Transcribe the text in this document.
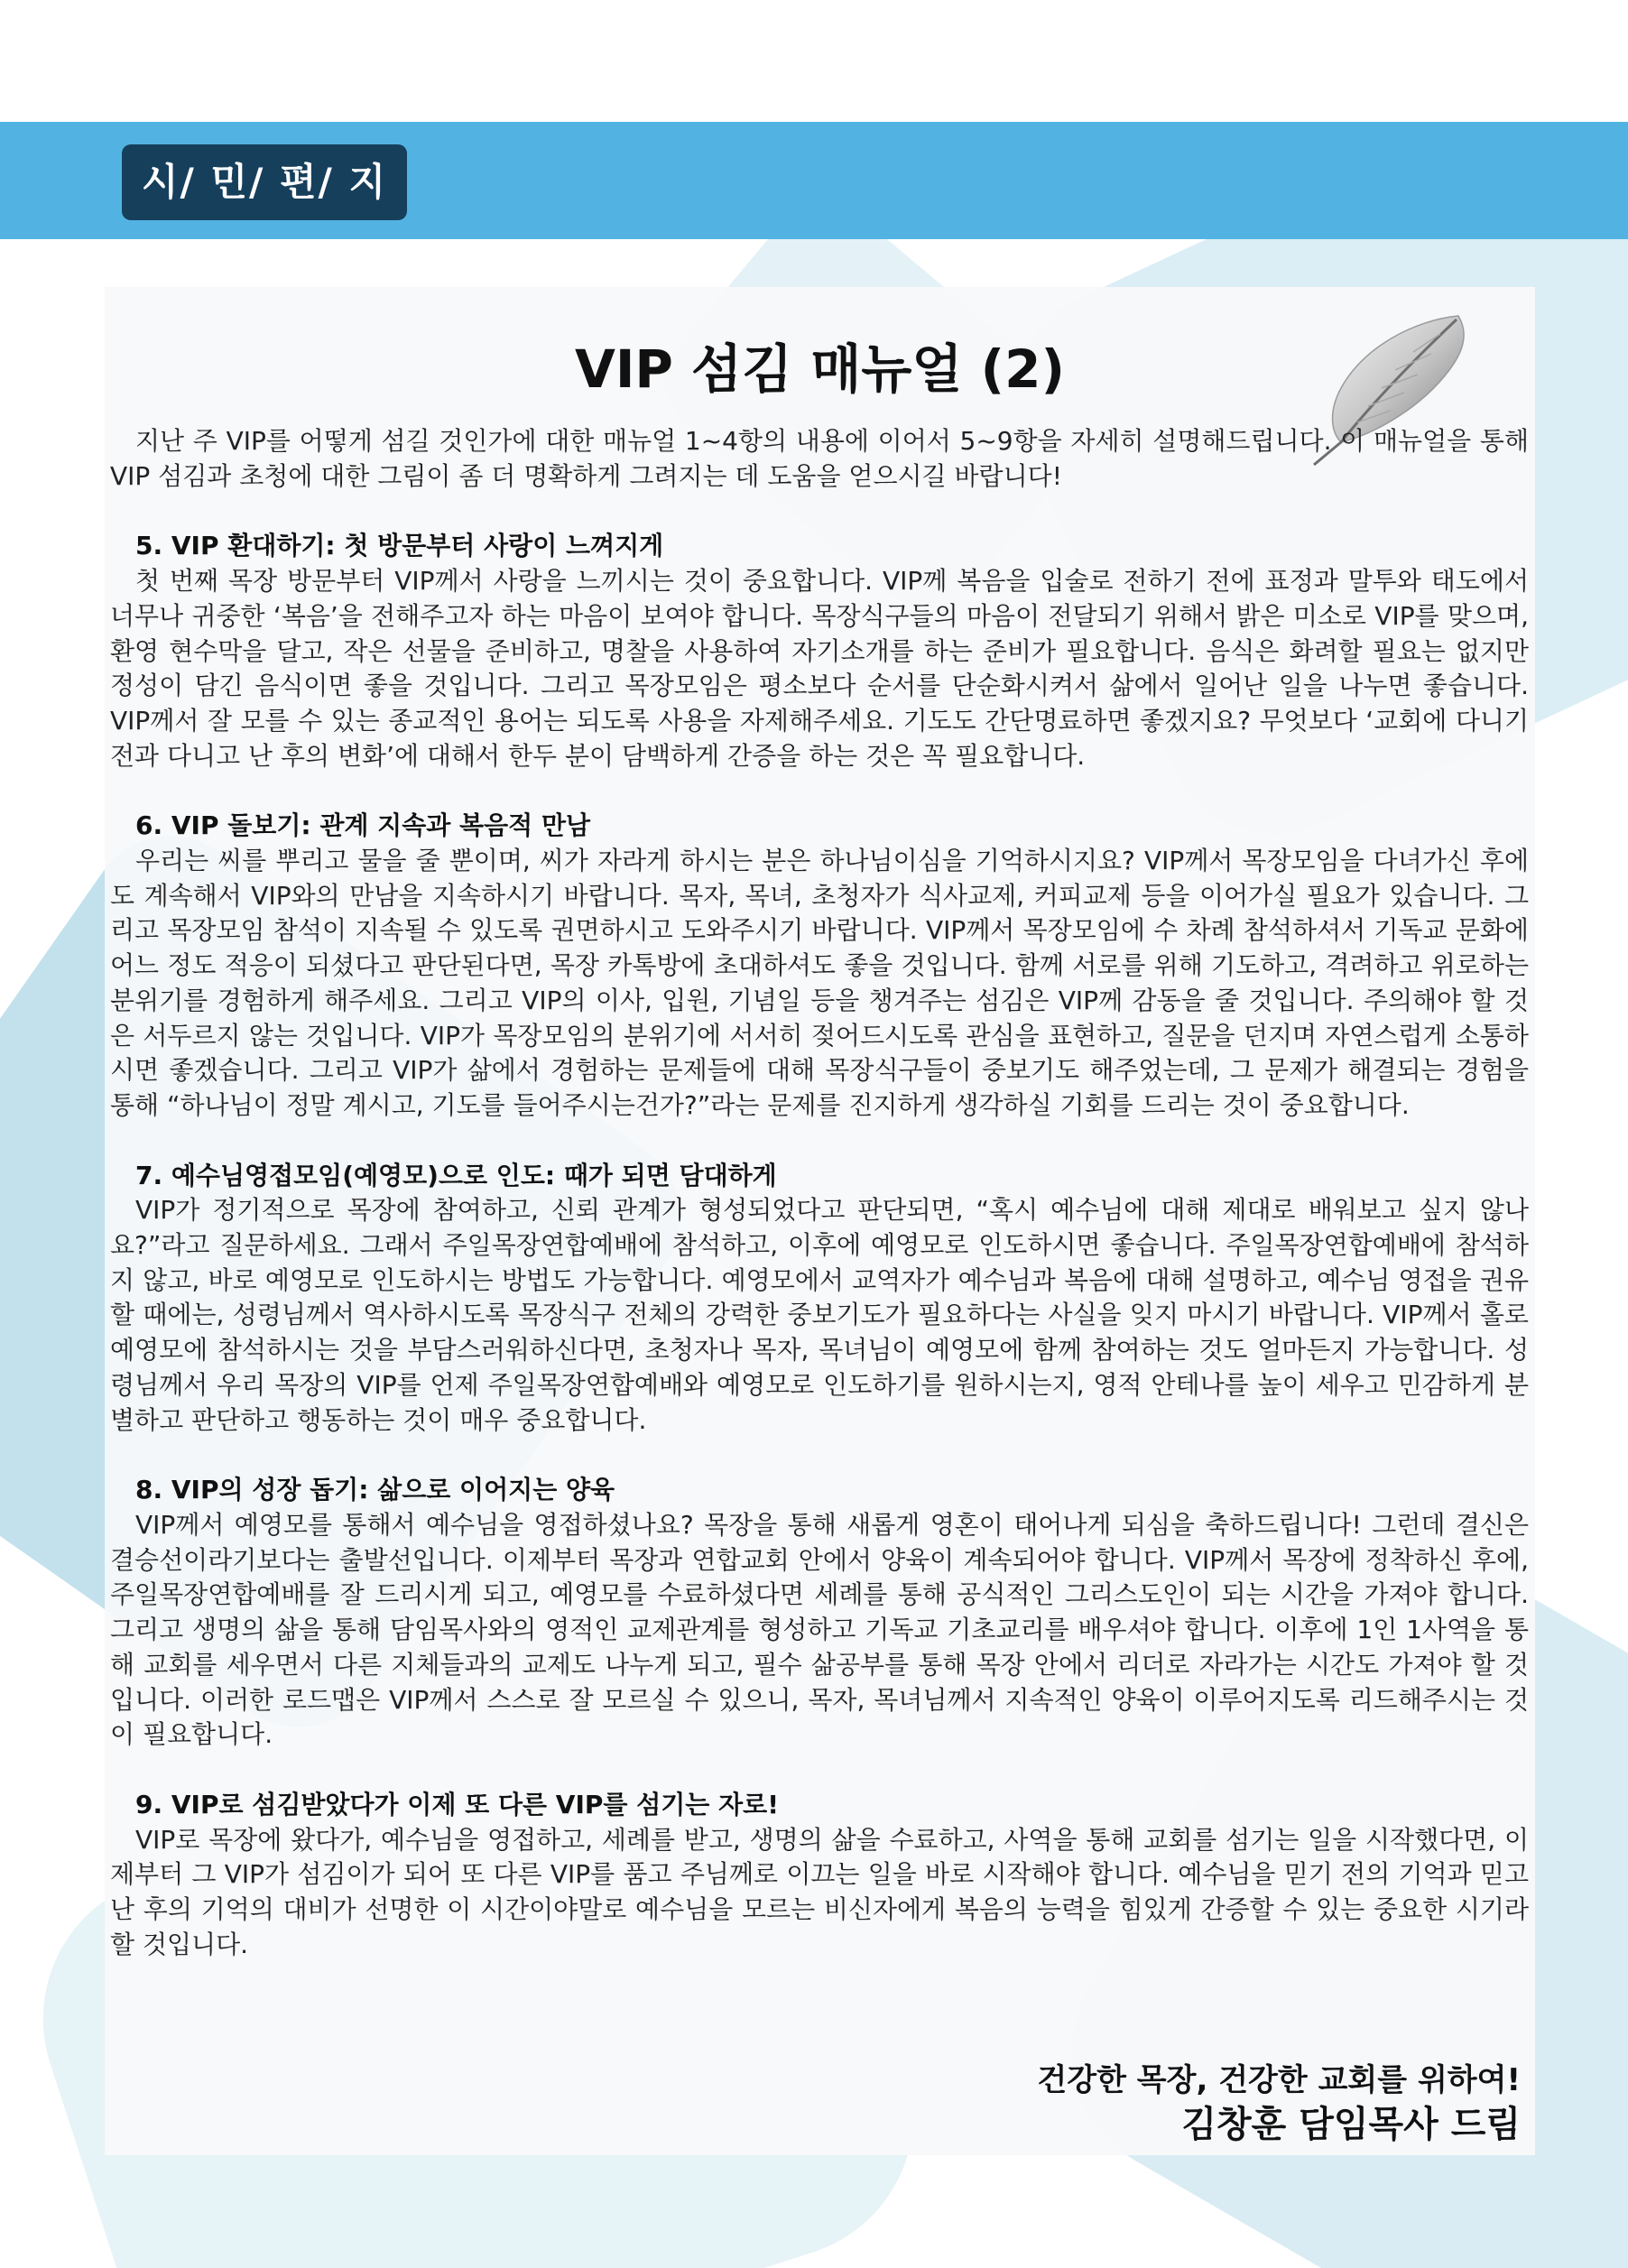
시/ 민/ 편/ 지
VIP 섬김 매뉴얼 (2)

지난 주 VIP를 어떻게 섬길 것인가에 대한 매뉴얼 1~4항의 내용에 이어서 5~9항을 자세히 설명해드립니다. 이 매뉴얼을 통해 VIP 섬김과 초청에 대한 그림이 좀 더 명확하게 그려지는 데 도움을 얻으시길 바랍니다!

5. VIP 환대하기: 첫 방문부터 사랑이 느껴지게

첫 번째 목장 방문부터 VIP께서 사랑을 느끼시는 것이 중요합니다. VIP께 복음을 입술로 전하기 전에 표정과 말투와 태도에서 너무나 귀중한 ‘복음’을 전해주고자 하는 마음이 보여야 합니다. 목장식구들의 마음이 전달되기 위해서 밝은 미소로 VIP를 맞으며, 환영 현수막을 달고, 작은 선물을 준비하고, 명찰을 사용하여 자기소개를 하는 준비가 필요합니다. 음식은 화려할 필요는 없지만 정성이 담긴 음식이면 좋을 것입니다. 그리고 목장모임은 평소보다 순서를 단순화시켜서 삶에서 일어난 일을 나누면 좋습니다. VIP께서 잘 모를 수 있는 종교적인 용어는 되도록 사용을 자제해주세요. 기도도 간단명료하면 좋겠지요? 무엇보다 ‘교회에 다니기 전과 다니고 난 후의 변화’에 대해서 한두 분이 담백하게 간증을 하는 것은 꼭 필요합니다.

6. VIP 돌보기: 관계 지속과 복음적 만남

우리는 씨를 뿌리고 물을 줄 뿐이며, 씨가 자라게 하시는 분은 하나님이심을 기억하시지요? VIP께서 목장모임을 다녀가신 후에도 계속해서 VIP와의 만남을 지속하시기 바랍니다. 목자, 목녀, 초청자가 식사교제, 커피교제 등을 이어가실 필요가 있습니다. 그리고 목장모임 참석이 지속될 수 있도록 권면하시고 도와주시기 바랍니다. VIP께서 목장모임에 수 차례 참석하셔서 기독교 문화에 어느 정도 적응이 되셨다고 판단된다면, 목장 카톡방에 초대하셔도 좋을 것입니다. 함께 서로를 위해 기도하고, 격려하고 위로하는 분위기를 경험하게 해주세요. 그리고 VIP의 이사, 입원, 기념일 등을 챙겨주는 섬김은 VIP께 감동을 줄 것입니다. 주의해야 할 것은 서두르지 않는 것입니다. VIP가 목장모임의 분위기에 서서히 젖어드시도록 관심을 표현하고, 질문을 던지며 자연스럽게 소통하시면 좋겠습니다. 그리고 VIP가 삶에서 경험하는 문제들에 대해 목장식구들이 중보기도 해주었는데, 그 문제가 해결되는 경험을 통해 “하나님이 정말 계시고, 기도를 들어주시는건가?”라는 문제를 진지하게 생각하실 기회를 드리는 것이 중요합니다.

7. 예수님영접모임(예영모)으로 인도: 때가 되면 담대하게

VIP가 정기적으로 목장에 참여하고, 신뢰 관계가 형성되었다고 판단되면, “혹시 예수님에 대해 제대로 배워보고 싶지 않나요?”라고 질문하세요. 그래서 주일목장연합예배에 참석하고, 이후에 예영모로 인도하시면 좋습니다. 주일목장연합예배에 참석하지 않고, 바로 예영모로 인도하시는 방법도 가능합니다. 예영모에서 교역자가 예수님과 복음에 대해 설명하고, 예수님 영접을 권유할 때에는, 성령님께서 역사하시도록 목장식구 전체의 강력한 중보기도가 필요하다는 사실을 잊지 마시기 바랍니다. VIP께서 홀로 예영모에 참석하시는 것을 부담스러워하신다면, 초청자나 목자, 목녀님이 예영모에 함께 참여하는 것도 얼마든지 가능합니다. 성령님께서 우리 목장의 VIP를 언제 주일목장연합예배와 예영모로 인도하기를 원하시는지, 영적 안테나를 높이 세우고 민감하게 분별하고 판단하고 행동하는 것이 매우 중요합니다.

8. VIP의 성장 돕기: 삶으로 이어지는 양육

VIP께서 예영모를 통해서 예수님을 영접하셨나요? 목장을 통해 새롭게 영혼이 태어나게 되심을 축하드립니다! 그런데 결신은 결승선이라기보다는 출발선입니다. 이제부터 목장과 연합교회 안에서 양육이 계속되어야 합니다. VIP께서 목장에 정착하신 후에, 주일목장연합예배를 잘 드리시게 되고, 예영모를 수료하셨다면 세례를 통해 공식적인 그리스도인이 되는 시간을 가져야 합니다. 그리고 생명의 삶을 통해 담임목사와의 영적인 교제관계를 형성하고 기독교 기초교리를 배우셔야 합니다. 이후에 1인 1사역을 통해 교회를 세우면서 다른 지체들과의 교제도 나누게 되고, 필수 삶공부를 통해 목장 안에서 리더로 자라가는 시간도 가져야 할 것입니다. 이러한 로드맵은 VIP께서 스스로 잘 모르실 수 있으니, 목자, 목녀님께서 지속적인 양육이 이루어지도록 리드해주시는 것이 필요합니다.

9. VIP로 섬김받았다가 이제 또 다른 VIP를 섬기는 자로!

VIP로 목장에 왔다가, 예수님을 영접하고, 세례를 받고, 생명의 삶을 수료하고, 사역을 통해 교회를 섬기는 일을 시작했다면, 이제부터 그 VIP가 섬김이가 되어 또 다른 VIP를 품고 주님께로 이끄는 일을 바로 시작해야 합니다. 예수님을 믿기 전의 기억과 믿고 난 후의 기억의 대비가 선명한 이 시간이야말로 예수님을 모르는 비신자에게 복음의 능력을 힘있게 간증할 수 있는 중요한 시기라 할 것입니다.

건강한 목장, 건강한 교회를 위하여!
김창훈 담임목사 드림
